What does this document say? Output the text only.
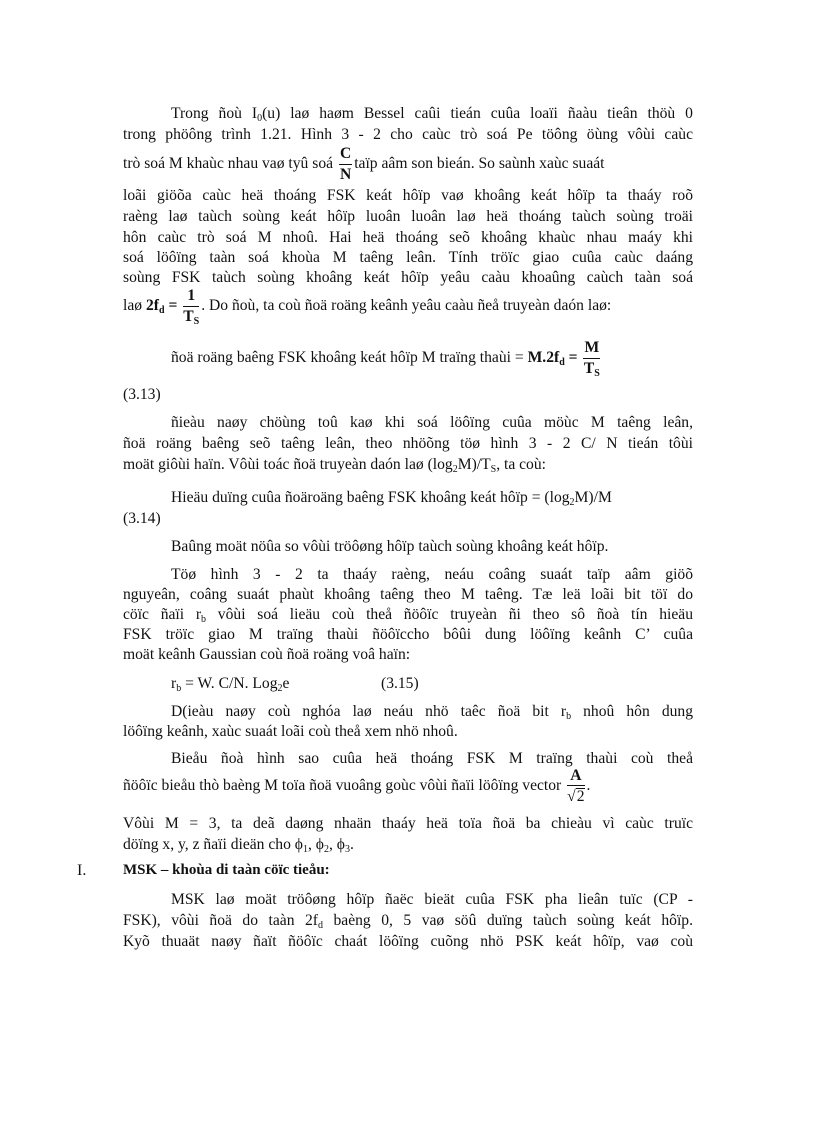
Trong ñoù $I_0(u)$ laø haøm Bessel caûi tieán cuûa loaïi ñaàu tieân thöù 0
trong phöông trình 1.21. Hình 3 - 2 cho caùc trò soá Pe töông öùng vôùi caùc
trò soá M khaùc nhau vaø tyû soá $\frac{C}{N}$ taïp aâm son bieán. So saùnh xaùc suaát
loãi giöõa caùc heä thoáng FSK keát hôïp vaø khoâng keát hôïp ta thaáy roõ
raèng laø taùch soùng keát hôïp luoân luoân laø heä thoáng taùch soùng troäi
hôn caùc trò soá M nhoû. Hai heä thoáng seõ khoâng khaùc nhau maáy khi
soá löôïng taàn soá khoùa M taêng leân. Tính tröïc giao cuûa caùc daáng
soùng FSK taùch soùng khoâng keát hôïp yeâu caàu khoaûng caùch taàn soá
laø $2f_d = \frac{1}{T_S}$ . Do ñoù, ta coù ñoä roäng keânh yeâu caàu ñeå truyeàn daón laø:
ñoä roäng baêng FSK khoâng keát hôïp M traïng thaùi = $M.2f_d = \frac{M}{T_S}$
(3.13)
ñieàu naøy chöùng toû kaø khi soá löôïng cuûa möùc M taêng leân,
ñoä roäng baêng seõ taêng leân, theo nhöõng töø hình 3 - 2 C/ N tieán tôùi
moät giôùi haïn. Vôùi toác ñoä truyeàn daón laø $(\log_2M)/T_S$, ta coù:
Hieäu duïng cuûa ñoäroäng baêng FSK khoâng keát hôïp = $(\log_2M)/M$
(3.14)
Baûng moät nöûa so vôùi tröôøng hôïp taùch soùng khoâng keát hôïp.
Töø hình 3 - 2 ta thaáy raèng, neáu coâng suaát taïp aâm giöõ
nguyeân, coâng suaát phaùt khoâng taêng theo M taêng. Tæ leä loãi bit töï do
cöïc ñaïi $r_b$ vôùi soá lieäu coù theå ñöôïc truyeàn ñi theo sô ñoà tín hieäu
FSK tröïc giao M traïng thaùi ñöôïccho bôûi dung löôïng keânh C’ cuûa
moät keânh Gaussian coù ñoä roäng voâ haïn:
$r_b = W$. C/N. Log$_2$e	(3.15)
D(ieàu naøy coù nghóa laø neáu nhö taêc ñoä bit $r_b$ nhoû hôn dung
löôïng keânh, xaùc suaát loãi coù theå xem nhö nhoû.
Bieåu ñoà hình sao cuûa heä thoáng FSK M traïng thaùi coù theå
ñöôïc bieåu thò baèng M toïa ñoä vuoâng goùc vôùi ñaïi löôïng vector $\frac{A}{√2}$ .
Vôùi M = 3, ta deã daøng nhaän thaáy heä toïa ñoä ba chieàu vì caùc truïc
döïng x, y, z ñaïi dieän cho $\phi_1$, $\phi_2$, $\phi_3$.
I. MSK – khoùa di taàn cöïc tieåu:
MSK laø moät tröôøng hôïp ñaëc bieät cuûa FSK pha lieân tuïc (CP -
FSK), vôùi ñoä do taàn $2f_d$ baèng 0, 5 vaø söû duïng taùch soùng keát hôïp.
Kyõ thuaät naøy ñaït ñöôïc chaát löôïng cuõng nhö PSK keát hôïp, vaø coù
